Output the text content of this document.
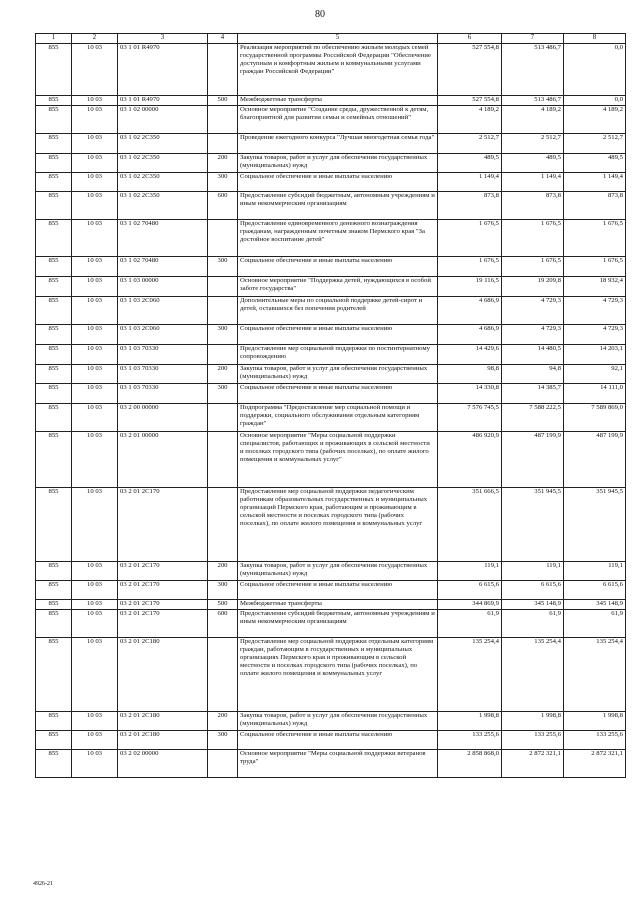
80
1	2	3	4	5	6	7	8
855	10 03	03 1 01 R4970		Реализация мероприятий по обеспечению жильем молодых семей государственной программы Российской Федерации "Обеспечение доступным и комфортным жильем и коммунальными услугами граждан Российской Федерации"	527 554,8	513 486,7	0,0
855	10 03	03 1 01 R4970	500	Межбюджетные трансферты	527 554,8	513 486,7	0,0
855	10 03	03 1 02 00000		Основное мероприятие "Создание среды, дружественной к детям, благоприятной для развития семьи и семейных отношений"	4 189,2	4 189,2	4 189,2
855	10 03	03 1 02 2С350		Проведение ежегодного конкурса "Лучшая многодетная семья года"	2 512,7	2 512,7	2 512,7
855	10 03	03 1 02 2С350	200	Закупка товаров, работ и услуг для обеспечения государственных (муниципальных) нужд	489,5	489,5	489,5
855	10 03	03 1 02 2С350	300	Социальное обеспечение и иные выплаты населению	1 149,4	1 149,4	1 149,4
855	10 03	03 1 02 2С350	600	Предоставление субсидий бюджетным, автономным учреждениям и иным некоммерческим организациям	873,8	873,8	873,8
855	10 03	03 1 02 70480		Предоставление единовременного денежного вознаграждения гражданам, награжденным почетным знаком Пермского края "За достойное воспитание детей"	1 676,5	1 676,5	1 676,5
855	10 03	03 1 02 70480	300	Социальное обеспечение и иные выплаты населению	1 676,5	1 676,5	1 676,5
855	10 03	03 1 03 00000		Основное мероприятие "Поддержка детей, нуждающихся в особой заботе государства"	19 116,5	19 209,8	18 932,4
855	10 03	03 1 03 2С060		Дополнительные меры по социальной поддержке детей-сирот и детей, оставшихся без попечения родителей	4 686,9	4 729,3	4 729,3
855	10 03	03 1 03 2С060	300	Социальное обеспечение и иные выплаты населению	4 686,9	4 729,3	4 729,3
855	10 03	03 1 03 70330		Предоставление мер социальной поддержки по постинтернатному сопровождению	14 429,6	14 480,5	14 203,1
855	10 03	03 1 03 70330	200	Закупка товаров, работ и услуг для обеспечения государственных (муниципальных) нужд	98,8	94,8	92,1
855	10 03	03 1 03 70330	300	Социальное обеспечение и иные выплаты населению	14 330,8	14 385,7	14 111,0
855	10 03	03 2 00 00000		Подпрограмма "Предоставление мер социальной помощи и поддержки, социального обслуживания отдельным категориям граждан"	7 576 745,5	7 588 222,5	7 589 869,0
855	10 03	03 2 01 00000		Основное мероприятие "Меры социальной поддержки специалистов, работающих и проживающих в сельской местности и поселках городского типа (рабочих поселках), по оплате жилого помещения и коммунальных услуг"	486 920,9	487 199,9	487 199,9
855	10 03	03 2 01 2С170		Предоставление мер социальной поддержки педагогическим работникам образовательных государственных и муниципальных организаций Пермского края, работающим и проживающим в сельской местности и поселках городского типа (рабочих поселках), по оплате жилого помещения и коммунальных услуг	351 666,5	351 945,5	351 945,5
855	10 03	03 2 01 2С170	200	Закупка товаров, работ и услуг для обеспечения государственных (муниципальных) нужд	119,1	119,1	119,1
855	10 03	03 2 01 2С170	300	Социальное обеспечение и иные выплаты населению	6 615,6	6 615,6	6 615,6
855	10 03	03 2 01 2С170	500	Межбюджетные трансферты	344 869,9	345 148,9	345 148,9
855	10 03	03 2 01 2С170	600	Предоставление субсидий бюджетным, автономным учреждениям и иным некоммерческим организациям	61,9	61,9	61,9
855	10 03	03 2 01 2С180		Предоставление мер социальной поддержки отдельным категориям граждан, работающим в государственных и муниципальных организациях Пермского края и проживающим в сельской местности и поселках городского типа (рабочих поселках), по оплате жилого помещения и коммунальных услуг	135 254,4	135 254,4	135 254,4
855	10 03	03 2 01 2С180	200	Закупка товаров, работ и услуг для обеспечения государственных (муниципальных) нужд	1 998,8	1 998,8	1 998,8
855	10 03	03 2 01 2С180	300	Социальное обеспечение и иные выплаты населению	133 255,6	133 255,6	133 255,6
855	10 03	03 2 02 00000		Основное мероприятие "Меры социальной поддержки ветеранов труда"	2 858 868,0	2 872 321,1	2 872 321,1
4926-21
